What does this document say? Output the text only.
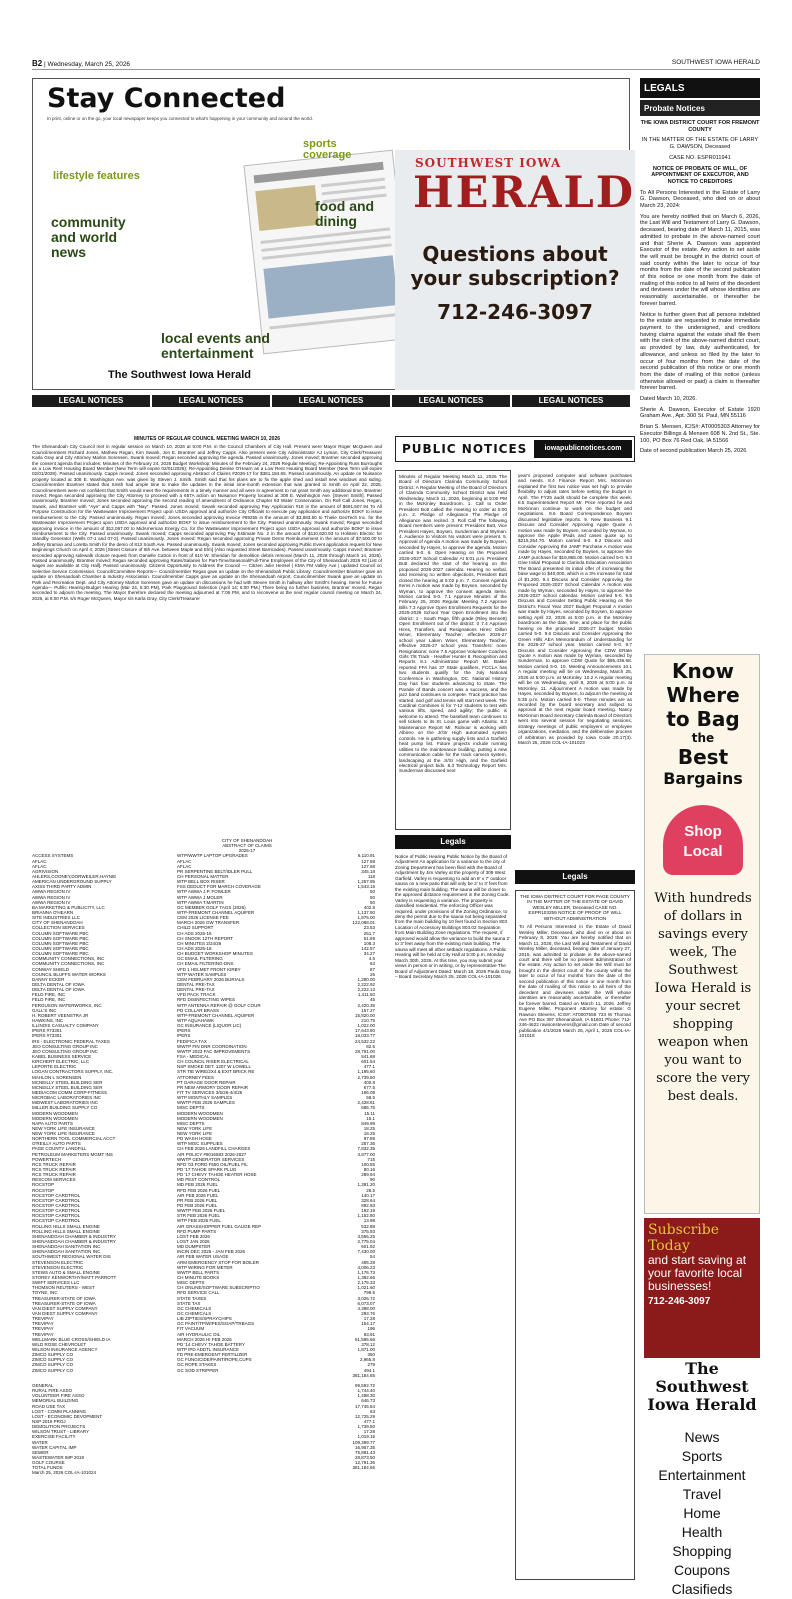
B2 | Wednesday, March 25, 2026	SOUTHWEST IOWA HERALD
Stay Connected
In print, online or on the go, your local newspaper keeps you connected to what's happening in your community and around the world.
lifestyle features
community and world news
local events and entertainment
sports coverage
food and dining
The Southwest Iowa Herald
LEGAL NOTICES	LEGAL NOTICES	LEGAL NOTICES	LEGAL NOTICES	LEGAL NOTICES
MINUTES OF REGULAR COUNCIL MEETING MARCH 10, 2026

The Shenandoah City Council met in regular session on March 10, 2026 at 6:00 P.M. in the Council Chambers of City Hall. Present were Mayor Roger McQueen and Councilmembers Richard Jones, Mathew Regan, Kim Swank, Jon E. Brantner and Jeffrey Capps. Also present were City Administrator AJ Lyman, City Clerk/Treasurer Karla Gray and City Attorney Marlon Sorensen. Swank moved; Regan seconded approving the agenda. Passed unanimously. Jones moved; Brantner seconded approving the consent agenda that includes: Minutes of the February 24, 2026 Budget Workshop; Minutes of the February 24, 2026 Regular Meeting; Re-Appointing Russ Burroughs as a Low Rent Housing Board Member (New Term will expire 02/01/2028); Re-Appointing Denise O'Hearn as a Low Rent Housing Board Member (New Term will expire 02/01/2028). Passed unanimously. Capps moved; Jones seconded approving Abstract of Claims #2026-17 for $381,184.65. Passed unanimously. An update on Nuisance property located at 308 E. Washington Ave. was given by Steven J. Smith. Smith said that his plans are to fix the apple shed and install new windows and siding. Councilmember Brantner stated that Smith had ample time to make the updates in the initial nine-month extension that was granted to Smith on April 22, 2025. Councilmembers were not confident that Smith would meet the requirements in a timely manner and all were in agreement to not grant Smith any additional time. Brantner moved; Regan seconded approving the City Attorney to proceed with a 657A action on Nuisance Property located at 308 E. Washington Ave. [Steven Smith]. Passed unanimously. Brantner moved; Jones seconded approving the second reading of amendment of Ordinance Chapter 93 Water Conservation. On Roll Call Jones, Regan, Swank, and Brantner with "Aye" and Capps with "Nay". Passed. Jones moved; Swank seconded approving Pay Application #18 in the amount of $691,507.94 To All Purpose Construction for the Wastewater Improvement Project upon USDA approval and authorize City Officials to execute pay application and authorize BOKF to issue reimbursement to the City. Passed unanimously. Regan moved; Jones seconded approving Invoice #89255 in the amount of $3,883.50 to Thiele GeoTech Inc. for the Wastewater Improvement Project upon USDA approval and authorize BOKF to issue reimbursement to the City. Passed unanimously. Swank moved; Regan seconded approving invoice in the amount of $12,067.00 to MidAmerican Energy Co. for the Wastewater Improvement Project upon USDA approval and authorize BOKF to issue reimbursement to the City. Passed unanimously. Swank moved; Capps seconded approving Pay Estimate No. 2 in the amount of $110,620.93 to Holstein Electric for Standby Generator (Wells 07-1 and 07-2). Passed unanimously. Jones moved; Regan seconded approving Private Demo Reimbursement in the amount of $7,500.00 to Jeffery Braman and Loretta Smith for the demo of 813 South Ave. Passed unanimously. Swank moved; Jones seconded approving Public Event application request for New Beginnings Church on April 4, 2026 [Street Closure of 6th Ave. between Maple and Elm] (Also requested Street Barricades). Passed unanimously. Capps moved; Brantner seconded approving sidewalk closure request from Danielle Catron in front of 610 W. Sheridan for demolition debris removal (March 11, 2026 through March 14, 2026). Passed unanimously. Brantner moved; Regan seconded approving Rates/Salaries for Part-Time/Seasonal/Full-Time Employees of the City of Shenandoah 2026 #2 [List of wages are available at City Hall]. Passed unanimously. Citizens Opportunity to Address the Council — Citizen Julie Hensel | KMA FM Valley Ave | updated Council on Selective Service Commission. Council/Committee Reports— Councilmember Regan gave an update on the Shenandoah Public Library. Councilmember Brantner gave an update on Shenandoah Chamber & Industry Association. Councilmember Capps gave an update on the Shenandoah Airport. Councilmember Swank gave an update on Park and Recreation Dept. and City Attorney Marlon Sorensen gave an update on discussions he had with Steven Smith in hallway after Smith's hearing. Items for Future Agenda— Public Hearing-Budget Hearing (Mar 24, 5:30 PM), Park Playground Selection (April 14; 6:00 PM.) There being no further business, Brantner moved, Regan seconded to adjourn the meeting. The Mayor therefore declared the meeting adjourned at 7:06 PM, and to reconvene at the next regular council meeting on March 24, 2026, at 6:00 P.M. s/s Roger McQueen, Mayor s/s Karla Gray, City Clerk/Treasurer

CITY OF SHENANDOAH
ABSTRACT OF CLAIMS
2026-17
ACCESS SYSTEMS	WTP/WWTP LAPTOP UPGRADES	6,110.91
AFLAC	AFLAC	127.58
AFLAC	AFLAC	127.58
AGRIVISION	PR SERPENTINE BELT/IDLER PULL	345.18
AHLERS,COONEY,DORWEILER,HAYNIE	CH PERSONAL MATTER	118
AMERICAN UNDERGROUND SUPPLY	WTP BELL BOX RISER	1,257.95
AXISS THIRD PARTY ADMIN	FSS DEDUCT FOR MARCH COVERAGE	1,543.15
AWWA REGION IV	WTP AWWA J.P. FOWLER	50
AWWA REGION IV	WTP AWWA J.MOLER	50
AWWA REGION IV	WTP AWWA T.MARTIN	50
BA MARKETING & PUBLICITY, LLC	GC MEMBER GOLF TAGS (2026)	402.8
BRIANNA O'HEARN	WTP-FREMONT CHANNEL AQUIFER	1,137.50
SITE INDUSTRIES LLC	CEM 2026 LICENSE FEE	1,975.00
CITY OF SHENANDOAH	MARCH 2026 GW TRANSFER	122,088.01
COLLECTION SERVICES	CHILD SUPPORT	23.53
COLUMN SOFTWARE PBC	CH ADS 2026-16	251.7
COLUMN SOFTWARE PBC	CH SNOOK 12TH REPORT	61.69
COLUMN SOFTWARE PBC	CH MINUTES 2/24/26	108.3
COLUMN SOFTWARE PBC	CH ADS 2026-18	142.57
COLUMN SOFTWARE PBC	CH BUDGET WORKSHOP MINUTES	34.27
COMMUNITY CONNECTIONS, INC	GC EMAIL FILTERING	4.5
COMMUNITY CONNECTIONS, INC	CH EMAIL FILTERING-DNS	63
CONWAY SHIELD	VFD 1 HELMET FRONT KIRBY	87
COUNCIL BLUFFS WATER WORKS	WTP WATER SAMPLES	25
DANNY ECKER	CEM FEBRUARY 2026 BURIALS	1,280.00
DELTA DENTAL OF IOWA	DENTAL PRE-TAX	2,222.92
DELTA DENTAL OF IOWA	DENTAL PRE-TAX	2,222.13
FELD FIRE, INC	VFD PACK TRACK	1,411.50
FELD FIRE, INC	RFD DISINFECTING WIPES	45
FERGUSON WATERWORKS, INC	WTP ANTENNA REPAIR @ GOLF COUR	2,420.35
GALL'S INC	PD COLLAR BRASS	157.27
H. ROBERT VEENSTRA JR	WTP-FREMONT CHANNEL AQUIFER	15,820.00
HAWKINS, INC	WTP AQUAHAWK	210.75
ILLINOIS CASUALTY COMPANY	GC INSURANCE (LIQUOR LIC)	1,022.00
IPERS #73301	IPERS	17,643.80
IPERS #73301	IPERS	18,033.77
IRS - ELECTRONIC FEDERAL TAXES	FED/FICA TAX	24,532.22
JEO CONSULTING GROUP INC	WWTP FIN DNR COORDINATION	82.5
JEO CONSULTING GROUP INC	WWTP 2023 FAC IMPROVEMENTS	28,791.00
KABEL BUSINESS SERVICE	FSA - MEDICAL	541.68
KIRCHERT ELECTRIC, LLC	CH COUNCIL RISER ELECTRICAL	601.54
LEPORTE ELECTRIC	NSP SMOKE DET. 1207 W LOWELL	477.1
LOGAN CONTRACTORS SUPPLY, INC.	STR TIE WIRE/2X4 & EXIT BRICK RE	1,195.60
MAHLON L SORENSEN	ATTORNEY FEES	2,739.50
MCNEILLY STEEL BUILDING SER	PT GARAGE DOOR REPAIR	400.8
MCNEILLY STEEL BUILDING SER	PR NEW ARMORY DOOR REPAIR	677.5
MEDIACOM COMM CORP-FITNESS	FIT TV SERVICES 3/5/26-4/4/26	186.08
MICROBAC LABORATORIES INC	WTP MONTHLY SAMPLES	58.5
MIDWEST LABORATORIES INC	WWTP FEB 2026 SAMPLES	2,428.61
MILLER BUILDING SUPPLY CO	MISC DEPTS	685.75
MODERN WOODMEN	MODERN WOODMEN	15.11
MODERN WOODMEN	MODERN WOODMEN	15.1
NAPA AUTO PARTS	MISC DEPTS	849.98
NEW YORK LIFE INSURANCE	NEW YORK LIFE	18.25
NEW YORK LIFE INSURANCE	NEW YORK LIFE	18.25
NORTHERN TOOL COMMERCIAL ACCT	PD WASH HOSE	97.89
O'REILLY AUTO PARTS	WTP MISC SUPPLIES	257.36
PAGE COUNTY LANDFILL	CH FEB 2026 LANDFILL CHARGES	7,832.35
PETROLEUM MARKETERS MGMT INS	AIR POLICY #9016683 2026-2027	3,877.00
POWERTECH	WWTP GENERATOR SERVICES	715
RCS TRUCK REPAIR	RFD '03 FORD F550 OIL/FUEL FIL	100.55
RCS TRUCK REPAIR	PD '17 TAHOE SPARK PLUG	80.16
RCS TRUCK REPAIR	PD '17 CHEVY TAHOE HEATER HOSE	289.94
RESCOM SERVICES	MD PEST CONTROL	90
ROCSTOP	MD FEB 2026 FUEL	1,391.20
ROCSTOP	RFD FEB 2026 FUEL	26.5
ROCSTOP CARDTROL	AIR FEB 2026 FUEL	140.17
ROCSTOP CARDTROL	PR FEB 2026 FUEL	328.64
ROCSTOP CARDTROL	PD FEB 2026 FUEL	892.93
ROCSTOP CARDTROL	WWTP FEB 2026 FUEL	192.19
ROCSTOP CARDTROL	STR FEB 2026 FUEL	1,152.80
ROCSTOP CARDTROL	WTP FEB 2026 FUEL	13.98
ROLLING HILLS SMALL ENGINE	AIR GRASSHOPPER FUEL GAUGE REP	532.88
ROLLING HILLS SMALL ENGINE	RFD PUMP PARTS	375.93
SHENANDOAH CHAMBER & INDUSTRY	LOST FEB 2026	3,555.25
SHENANDOAH CHAMBER & INDUSTRY	LOST JAN 2026	2,775.04
SHENANDOAH SANITATION INC	MD DUMPSTER	601.92
SHENANDOAH SANITATION INC	INCIN DEC 2025 - JAN FEB 2026	7,430.00
SOUTHWEST REGIONAL WATER DIS	AIR FEB WATER USAGE	54
STEVENSON ELECTRIC	ARM EMERGENCY STOP FOR BOILER	495.28
STEVENSON ELECTRIC	WTP WIRING FOR METER	4,006.23
STEWS AUTO & SMALL ENGINE	WWTP BELL PARTS	1,176.73
STOREY KENWORTHY/MATT PARROTT	CH MINUTE BOOKS	1,382.66
SWIFT SERVICES LLC	MISC DEPTS	2,175.33
THOMSON REUTERS - WEST	CH ONLINE/SOFTWARE SUBSCRIPTIO	1,021.60
TOYNE, INC	RFD SERVICE CALL	799.5
TREASURER-STATE OF IOWA	STATE TAXES	3,026.72
TREASURER-STATE OF IOWA	STATE TAX	6,073.07
VAN DIEST SUPPLY COMPANY	GC CHEMICALS	4,398.00
VAN DIEST SUPPLY COMPANY	GC CHEMICALS	293.76
TREVIPAY	LIB ZIPTIES/SPRAYCHIPS	17.28
TREVIPAY	GC PAINT/TP/WIPES/SOAP/TRBAGS	154.17
TREVIPAY	FIT VACUUM	196
TREVIPAY	AIR HYDRAULIC OIL	83.91
WELLMARK BLUE CROSS/SHIELD IA	MARCH 2026 HI FEB 2026	51,595.66
WILD ROSE CHEVROLET	PD '14 CHEVY TAHOE BATTERY	378.12
WILSON INSURANCE AGENCY	WTP IPD ADDTL INSURANCE	1,871.00
ZIMCO SUPPLY CO	FD PRE-EMERGENT FERTILIZER	350
ZIMCO SUPPLY CO	GC FUNGICIDE/PAINT/ROPE,CUPS	2,965.8
ZIMCO SUPPLY CO	GC ROPE STAKES	279
ZIMCO SUPPLY CO	GC SOD STRIPPER	494.1
381,184.65
GENERAL	99,592.72
RURAL FIRE ASSO	1,744.40
VOLUNTEER FIRE ASSO	1,498.30
MEMORIAL BUILDING	646.73
ROAD USE TAX	17,745.84
LOST - COMM PLANNING	63
LOST - ECONOMIC DEVOPMENT	12,725.29
NSP 2019 PROJ	477.1
DEMOLITION PROJECTS	1,739.50
WILSON TRUST - LIBRARY	17.28
EXERCISE FACILITY	1,019.15
WATER	109,399.77
WATER CAPITAL IMP	16,957.35
SEWER	75,891.43
WASTEWATER IMP 2019	28,873.50
GOLF COURSE	12,791.36
TOTAL FUNDS	381,184.65
March 25, 2026 COL-IA-101024
SOUTHWEST IOWA
HERALD
Questions about your subscription?
712-246-3097
PUBLIC NOTICES	iowapublicnotices.com
Minutes of Regular Meeting March 11, 2026 The Board of Directors Clarinda Community School District. A Regular Meeting of the Board of Directors of Clarinda Community School District was held Wednesday, March 11, 2026, beginning at 5:00 PM in the McKinley Boardroom. 1. Call to Order President Bott called the meeting to order at 5:00 p.m. 2. Pledge of Allegiance The Pledge of Allegiance was recited. 3. Roll Call The following Board members were present: President Butt, Vice President Hayes, Boysen, Sunderman and Wyman. 4. Audience to Visitors No visitors were present. 5. Approval of Agenda A motion was made by Boysen, seconded by Hayes, to approve the agenda. Motion carried 5-0. 6. Open Hearing on the Proposed 2026-2027 School Calendar At 5:01 p.m. President Butt declared the start of the hearing on the proposed 2026-2027 calendar. Hearing no verbal, and receiving no written objections, President Butt closed the hearing at 5:02 p.m. 7. Consent Agenda Items A motion was made by Boysen, seconded by Wyman, to approve the consent agenda items. Motion carried 5-0. 7.1 Approve Minutes of the February 25, 2026 Regular Meeting 7.2 Approve Bills 7.3 Approve Open Enrollment Requests for the 2025-2026 School Year Open Enrollment into the district: 1 - South Page, fifth grade (Riley Bennett) Open Enrollment out of the district: 0 7.4 Approve Hires, Transfers, and Resignations Hires: Dillon Wiser, Elementary Teacher, effective 2026-27 school year Laken Wiser, Elementary Teacher, effective 2026-27 school year. Transfers: none Resignations: none 7.5 Approve Volunteer Coaches Girls 7/8 Track - Heather Hunter 8. Recognition and Reports 8.1 Administrator Report Mr. Bakke reported FFA has 37 State qualifiers, FCCLA has two students qualify for the July National Conference in Washington, DC. National History Day has four students advancing to State. The Parade of Bands concert was a success, and the jazz band continues to compete. Track practice has started, and golf and tennis will start next week. The Cardinal Combines is for 7-12 students to test with various lifts, speed, and agility; the public is welcome to attend. The baseball team continues to sell tickets to its St. Louis game with Atlantic. 8.2 Maintenance Report Mr. Ridnour is working with Albireo on the Jr/Sr High automated system controls. He is gathering supply lists and a Garfield heat pump list. Future projects include running utilities to the maintenance building, putting a new communication cable for the track camera system, landscaping at the Jr/Sr High, and the Garfield electrical project bids. 8.3 Technology Report Mrs. Sunderman discussed next
year's proposed computer and software purchases and needs. 8.4 Finance Report Mrs. McKinnon explained the first two notice was set high to provide flexibility to adjust rates before setting the budget in April. The FY25 audit should be complete this week. 8.5 Superintendent Report Mr. Price reported he and McKinnon continue to work on the budget and negotiations. 8.6 Board Correspondence Boysen discussed legislative reports. 9. New Business 9.1 Discuss and Consider Approving Apple Quote A motion was made by Boysen, seconded by Wyman, to approve the Apple iPads and cases quote up to $215,254.70. Motion carried 5-0. 9.2 Discuss and Consider Approving the JAMF Purchase A motion was made by Hayes, seconded by Boysen, to approve the JAMF purchase for $19,865.00. Motion carried 5-0. 9.3 Give Initial Proposal to Clarinda Education Association The Board presented its initial offer of increasing the base wage to $40,000, which is a 3% increase for total of $1,200. 9.4 Discuss and Consider Approving the Proposed 2026-2027 School Calendar A motion was made by Wyman, seconded by Hayes, to approve the 2026-2027 school calendar. Motion carried 5-0. 9.5 Discuss and Consider Setting Public Hearing on the District's Fiscal Year 2027 Budget Proposal A motion was made by Hayes, seconded by Boysen, to approve setting April 22, 2026 at 5:00 p.m. in the McKinley boardroom as the date, time, and place for the public hearing on the proposed 2026-27 budget. Motion carried 5-0. 9.6 Discuss and Consider Approving the Green Hills AEA Memorandum of Understanding for the 2026-27 school year. Motion carried 5-0. 9.7 Discuss and Consider Approving the CDW ERate Quote A motion was made by Wyman, seconded by Sunderman, to approve CDW Quote for $85,436.68. Motion carried 5-0. 10. Meeting Announcements 10.1 A regular meeting will be on Wednesday, March 25, 2026 at 5:00 p.m. at McKinley. 10.2 A regular meeting will be on Wednesday, April 8, 2026 at 5:00 p.m. at McKinley. 11. Adjournment A motion was made by Hayes, seconded by Boysen, to adjourn the meeting at 5:35 p.m. Motion carried 5-0. These minutes are as recorded by the board secretary and subject to approval at the next regular board meeting. Nancy McKinnon Board Secretary Clarinda Board of Directors went into several session for negotiating sessions, strategy meetings of public employers or employee organizations, mediation, and the deliberative process of arbitration as provided by Iowa Code 20.17(3). March 25, 2026 COL-IA-101023
Legals
Notice of Public Hearing Public Notice by the Board of Adjustment An application for a variance to the city of Zoning Department has been filed with the Board of Adjustment by Jim Varley at the property of 309 West Garfield. Varley is requesting to add an 8' x 7' outdoor sauna on a new patio that will only be 2' to 3' feet from the existing main building. The sauna will be closer to the approved distance requirement in the Zoning Code. Varley is requesting a variance. The property is classified residential. The enforcing Officer was required, under provisions of the Zoning Ordinance, to deny the permit due to the sauna not being separated from the main building by 10 feet found in Section 803 Location of Accessory Buildings 803.02 Separation from Main Building Zone regulations. The request, if approved would allow the variance to build the sauna 2' to 3' feet away from the existing main building. The sauna will meet all other setback regulations. A Public Hearing will be held at City Hall at 5:30 p.m. Monday March 30th, 2026. At this time, you may submit your views in person or in writing, or by representative The Board of Adjustment Dated: March 18, 2026 Paula Gray – Board Secretary March 25, 2026 COL-IA-101026
Legals
THE IOWA DISTRICT COURT FOR PAGE COUNTY IN THE MATTER OF THE ESTATE OF DAVID WESLEY MILLER, Deceased CASE NO. ESPR103259 NOTICE OF PROOF OF WILL WITHOUT ADMINISTRATION
To All Persons Interested in the Estate of David Wesley Miller, Deceased, who died on or about on February 8, 2026: You are hereby notified that on March 11, 2026, the Last Will and Testament of David Wesley Miller, deceased, bearing date of January 27, 2015, was admitted to probate in the above-named court and there will be no present administration of the estate. Any action to set aside the Will must be brought in the district court of the county within the later to occur of four months from the date of the second publication of this notice or one month from the date of mailing of this notice to all heirs of the decedent and devisees under the Will whose identities are reasonably ascertainable, or thereafter be forever barred. Dated on March 11, 2026. Jeffrey Eugene Miller, Proponent Attorney for estate: G Rawson Stevens, ICIS#: AT0007556 723 W Thomas Ave PO Box 397 Shenandoah, IA 51601 Phone: 712-246-4622 rawsonstevens@gmail.com Date of second publication 4/1/2026 March 25, April 1, 2026 COL-IA-101018
LEGALS
Probate Notices
THE IOWA DISTRICT COURT FOR FREMONT COUNTY
IN THE MATTER OF THE ESTATE OF LARRY G. DAWSON, Deceased
CASE NO. ESPR011941
NOTICE OF PROBATE OF WILL, OF APPOINTMENT OF EXECUTOR, AND NOTICE TO CREDITORS

To All Persons Interested in the Estate of Larry G. Dawson, Deceased, who died on or about March 23, 2024:

You are hereby notified that on March 6, 2026, the Last Will and Testament of Larry G. Dawson, deceased, bearing date of March 11, 2015, was admitted to probate in the above-named court and that Sherie A. Dawson was appointed Executor of the estate. Any action to set aside the will must be brought in the district court of said county within the later to occur of four months from the date of the second publication of this notice or one month from the date of mailing of this notice to all heirs of the decedent and devisees under the will whose identities are reasonably ascertainable, or thereafter be forever barred.

Notice is further given that all persons indebted to the estate are requested to make immediate payment to the undersigned, and creditors having claims against the estate shall file them with the clerk of the above-named district court, as provided by law, duly authenticated, for allowance, and unless so filed by the later to occur of four months from the date of the second publication of this notice or one month from the date of mailing of this notice (unless otherwise allowed or paid) a claim is thereafter forever barred.

Dated March 10, 2026.

Sherie A. Dawson, Executor of Estate 1920 Graham Ave., Apt. 300 St. Paul, MN 55116

Brian S. Mensen, ICIS#: AT0005303 Attorney for Executor Billings & Mensen 608 N. 2nd St., Ste. 100, PO Box 76 Red Oak, IA 51566

Date of second publication March 25, 2026

Know
Where
to Bag
the
Best
Bargains
Shop
Local
With hundreds of dollars in savings every week, The Southwest Iowa Herald is your secret shopping weapon when you want to score the very best deals.
Subscribe Today
and start saving at your favorite local businesses!
712-246-3097
The Southwest Iowa Herald
News
Sports
Entertainment
Travel
Home
Health
Shopping
Coupons
Clasifieds
